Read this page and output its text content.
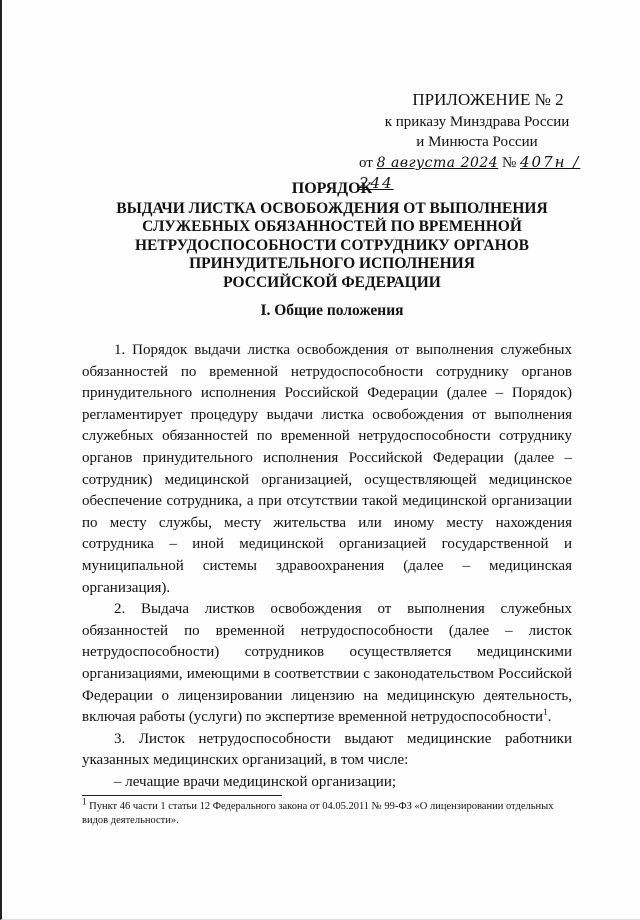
ПРИЛОЖЕНИЕ № 2
к приказу Минздрава России
и Минюста России
от 8 августа 2024 № 407н / 244
ПОРЯДОК
ВЫДАЧИ ЛИСТКА ОСВОБОЖДЕНИЯ ОТ ВЫПОЛНЕНИЯ
СЛУЖЕБНЫХ ОБЯЗАННОСТЕЙ ПО ВРЕМЕННОЙ
НЕТРУДОСПОСОБНОСТИ СОТРУДНИКУ ОРГАНОВ
ПРИНУДИТЕЛЬНОГО ИСПОЛНЕНИЯ
РОССИЙСКОЙ ФЕДЕРАЦИИ
I. Общие положения

1. Порядок выдачи листка освобождения от выполнения служебных обязанностей по временной нетрудоспособности сотруднику органов принудительного исполнения Российской Федерации (далее – Порядок) регламентирует процедуру выдачи листка освобождения от выполнения служебных обязанностей по временной нетрудоспособности сотруднику органов принудительного исполнения Российской Федерации (далее – сотрудник) медицинской организацией, осуществляющей медицинское обеспечение сотрудника, а при отсутствии такой медицинской организации по месту службы, месту жительства или иному месту нахождения сотрудника – иной медицинской организацией государственной и муниципальной системы здравоохранения (далее – медицинская организация).

2. Выдача листков освобождения от выполнения служебных обязанностей по временной нетрудоспособности (далее – листок нетрудоспособности) сотрудников осуществляется медицинскими организациями, имеющими в соответствии с законодательством Российской Федерации о лицензировании лицензию на медицинскую деятельность, включая работы (услуги) по экспертизе временной нетрудоспособности$^1$.

3. Листок нетрудоспособности выдают медицинские работники указанных медицинских организаций, в том числе:

– лечащие врачи медицинской организации;

$^1$ Пункт 46 части 1 статьи 12 Федерального закона от 04.05.2011 № 99-ФЗ «О лицензировании отдельных видов деятельности».
